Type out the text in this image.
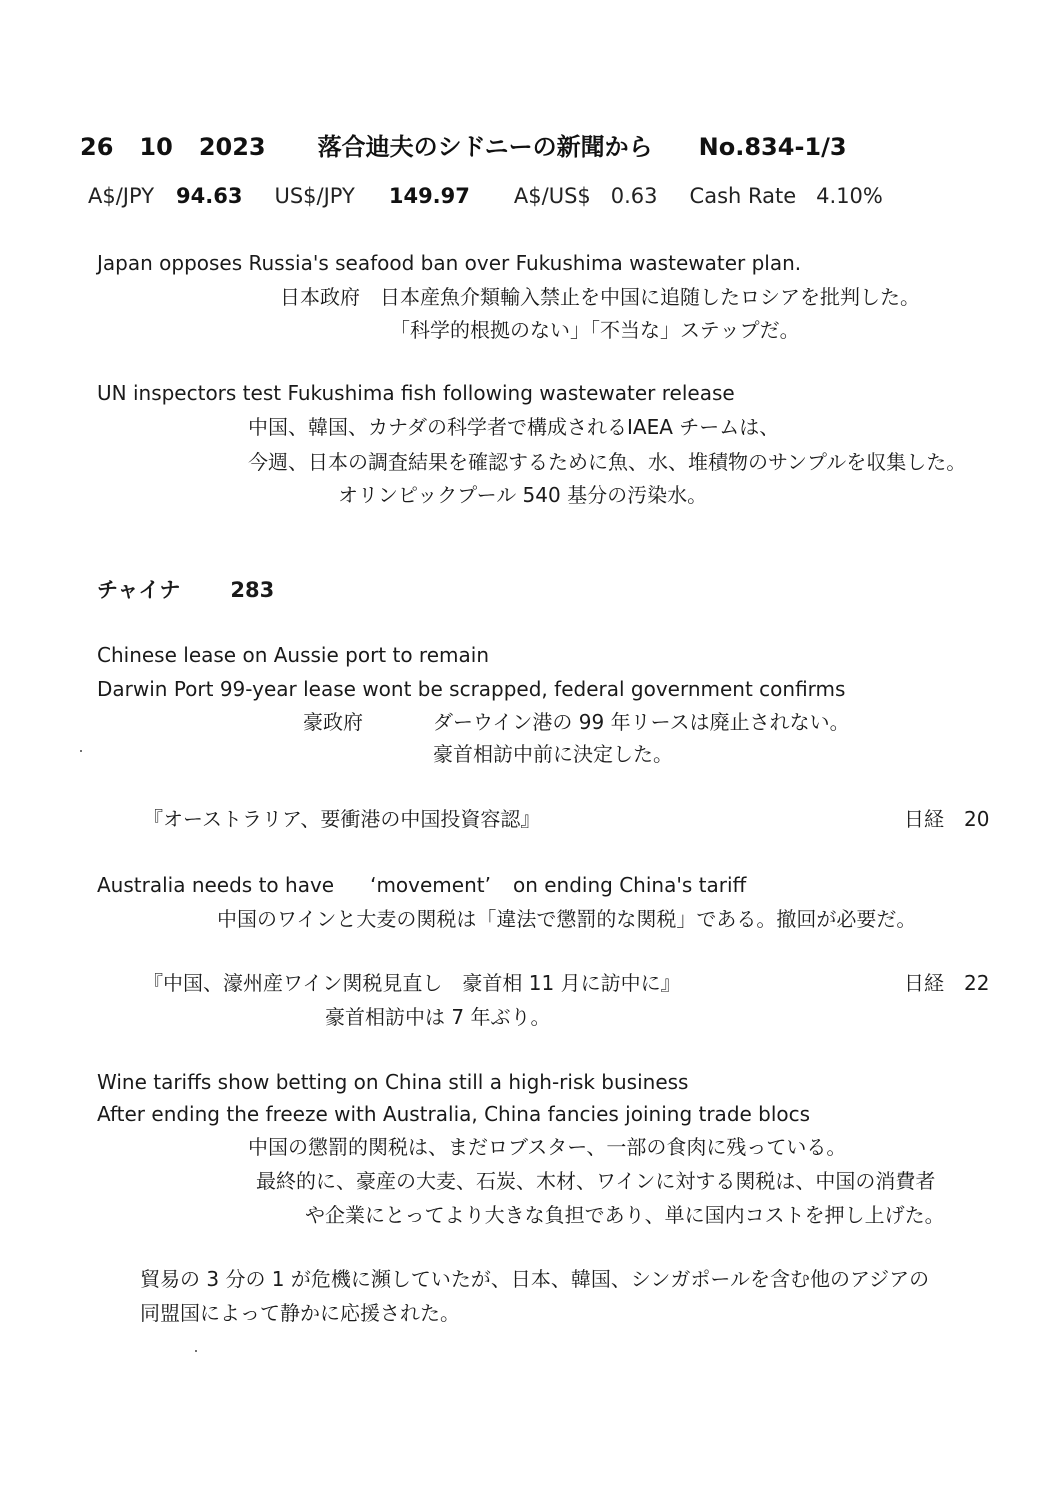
26 10 2023 落合迪夫のシドニーの新聞から No.834-1/3
A$/JPY 94.63 US$/JPY 149.97 A$/US$ 0.63 Cash Rate 4.10%
Japan opposes Russia's seafood ban over Fukushima wastewater plan.
日本政府　日本産魚介類輸入禁止を中国に追随したロシアを批判した。
「科学的根拠のない」「不当な」ステップだ。
UN inspectors test Fukushima fish following wastewater release
中国、韓国、カナダの科学者で構成されるIAEA チームは、
今週、日本の調査結果を確認するために魚、水、堆積物のサンプルを収集した。
オリンピックプール 540 基分の汚染水。
チャイナ 283
Chinese lease on Aussie port to remain
Darwin Port 99-year lease wont be scrapped, federal government confirms
豪政府	ダーウイン港の 99 年リースは廃止されない。
豪首相訪中前に決定した。
『オーストラリア、要衝港の中国投資容認』	日経　20
Australia needs to have ‘movement’ on ending China's tariff
中国のワインと大麦の関税は「違法で懲罰的な関税」である。撤回が必要だ。
『中国、濠州産ワイン関税見直し　豪首相 11 月に訪中に』	日経　22
豪首相訪中は 7 年ぶり。
Wine tariffs show betting on China still a high-risk business
After ending the freeze with Australia, China fancies joining trade blocs
中国の懲罰的関税は、まだロブスター、一部の食肉に残っている。
最終的に、豪産の大麦、石炭、木材、ワインに対する関税は、中国の消費者
や企業にとってより大きな負担であり、単に国内コストを押し上げた。
貿易の 3 分の 1 が危機に瀕していたが、日本、韓国、シンガポールを含む他のアジアの
同盟国によって静かに応援された。
